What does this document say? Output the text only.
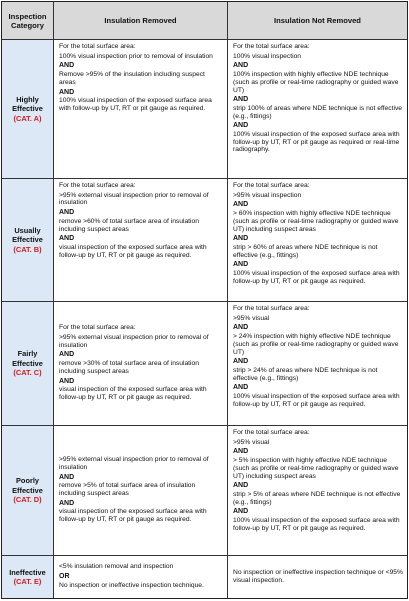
Inspection Category	Insulation Removed	Insulation Not Removed
Highly
Effective
(CAT. A)

For the total surface area:

100% visual inspection prior to removal of insulation

AND

Remove >95% of the insulation including suspect areas

AND

100% visual inspection of the exposed surface area with follow-up by UT, RT or pit gauge as required.

For the total surface area:

100% visual inspection

AND

100% inspection with highly effective NDE technique (such as profile or real-time radiography or guided wave UT)

AND

strip 100% of areas where NDE technique is not effective (e.g., fittings)

AND

100% visual inspection of the exposed surface area with follow-up by UT, RT or pit gauge as required or real-time radiography.

Usually
Effective
(CAT. B)

For the total surface area:

>95% external visual inspection prior to removal of insulation

AND

remove >60% of total surface area of insulation including suspect areas

AND

visual inspection of the exposed surface area with follow-up by UT, RT or pit gauge as required.

For the total surface area:

>95% visual inspection

AND

> 60% inspection with highly effective NDE technique (such as profile or real-time radiography or guided wave UT) including suspect areas

AND

strip > 60% of areas where NDE technique is not effective (e.g., fittings)

AND

100% visual inspection of the exposed surface area with follow-up by UT, RT or pit gauge as required.

Fairly
Effective
(CAT. C)

For the total surface area:

>95% external visual inspection prior to removal of insulation

AND

remove >30% of total surface area of insulation including suspect areas

AND

visual inspection of the exposed surface area with follow-up by UT, RT or pit gauge as required.

For the total surface area:

>95% visual

AND

> 24% inspection with highly effective NDE technique (such as profile or real-time radiography or guided wave UT)

AND

strip > 24% of areas where NDE technique is not effective (e.g., fittings)

AND

100% visual inspection of the exposed surface area with follow-up by UT, RT or pit gauge as required.

Poorly
Effective
(CAT. D)

>95% external visual inspection prior to removal of insulation

AND

remove >5% of total surface area of insulation including suspect areas

AND

visual inspection of the exposed surface area with follow-up by UT, RT or pit gauge as required.

For the total surface area:

>95% visual

AND

> 5% inspection with highly effective NDE technique (such as profile or real-time radiography or guided wave UT) including suspect areas

AND

strip > 5% of areas where NDE technique is not effective (e.g., fittings)

AND

100% visual inspection of the exposed surface area with follow-up by UT, RT or pit gauge as required.

Ineffective
(CAT. E)

<5% insulation removal and inspection

OR

No inspection or ineffective inspection technique.

No inspection or ineffective inspection technique or <95% visual inspection.
